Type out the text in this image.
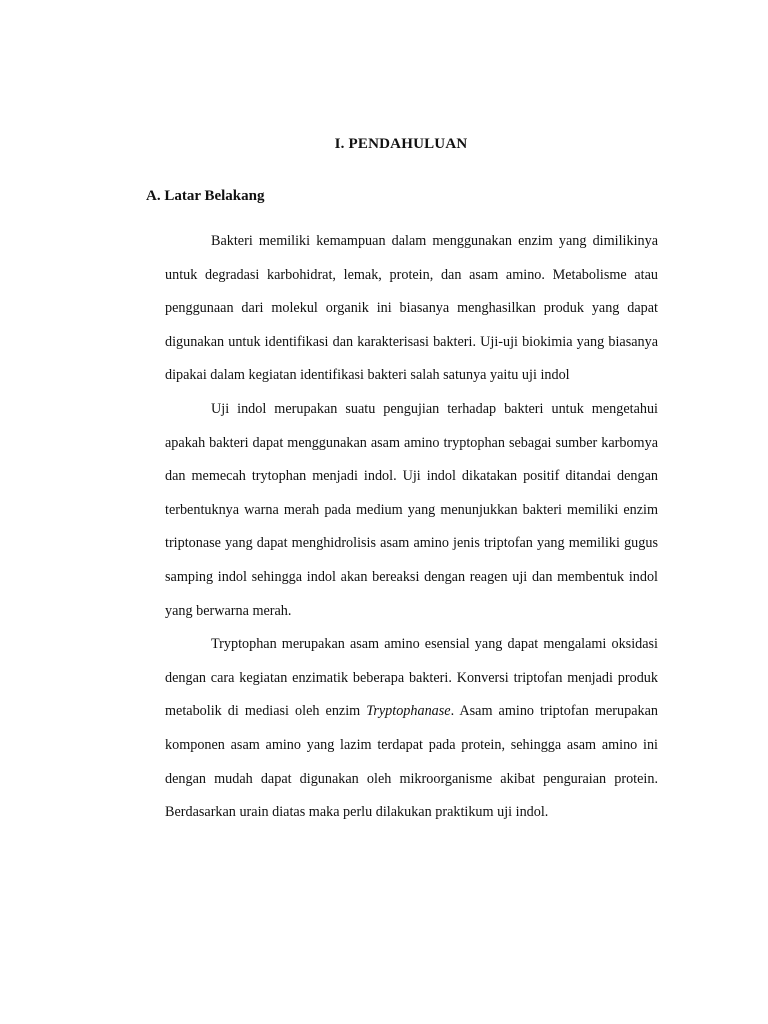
I. PENDAHULUAN
A. Latar Belakang

Bakteri memiliki kemampuan dalam menggunakan enzim yang dimilikinya untuk degradasi karbohidrat, lemak, protein, dan asam amino. Metabolisme atau penggunaan dari molekul organik ini biasanya menghasilkan produk yang dapat digunakan untuk identifikasi dan karakterisasi bakteri. Uji-uji biokimia yang biasanya dipakai dalam kegiatan identifikasi bakteri salah satunya yaitu uji indol

Uji indol merupakan suatu pengujian terhadap bakteri untuk mengetahui apakah bakteri dapat menggunakan asam amino tryptophan sebagai sumber karbomya dan memecah trytophan menjadi indol. Uji indol dikatakan positif ditandai dengan terbentuknya warna merah pada medium yang menunjukkan bakteri memiliki enzim triptonase yang dapat menghidrolisis asam amino jenis triptofan yang memiliki gugus samping indol sehingga indol akan bereaksi dengan reagen uji dan membentuk indol yang berwarna merah.

Tryptophan merupakan asam amino esensial yang dapat mengalami oksidasi dengan cara kegiatan enzimatik beberapa bakteri. Konversi triptofan menjadi produk metabolik di mediasi oleh enzim Tryptophanase. Asam amino triptofan merupakan komponen asam amino yang lazim terdapat pada protein, sehingga asam amino ini dengan mudah dapat digunakan oleh mikroorganisme akibat penguraian protein. Berdasarkan urain diatas maka perlu dilakukan praktikum uji indol.
